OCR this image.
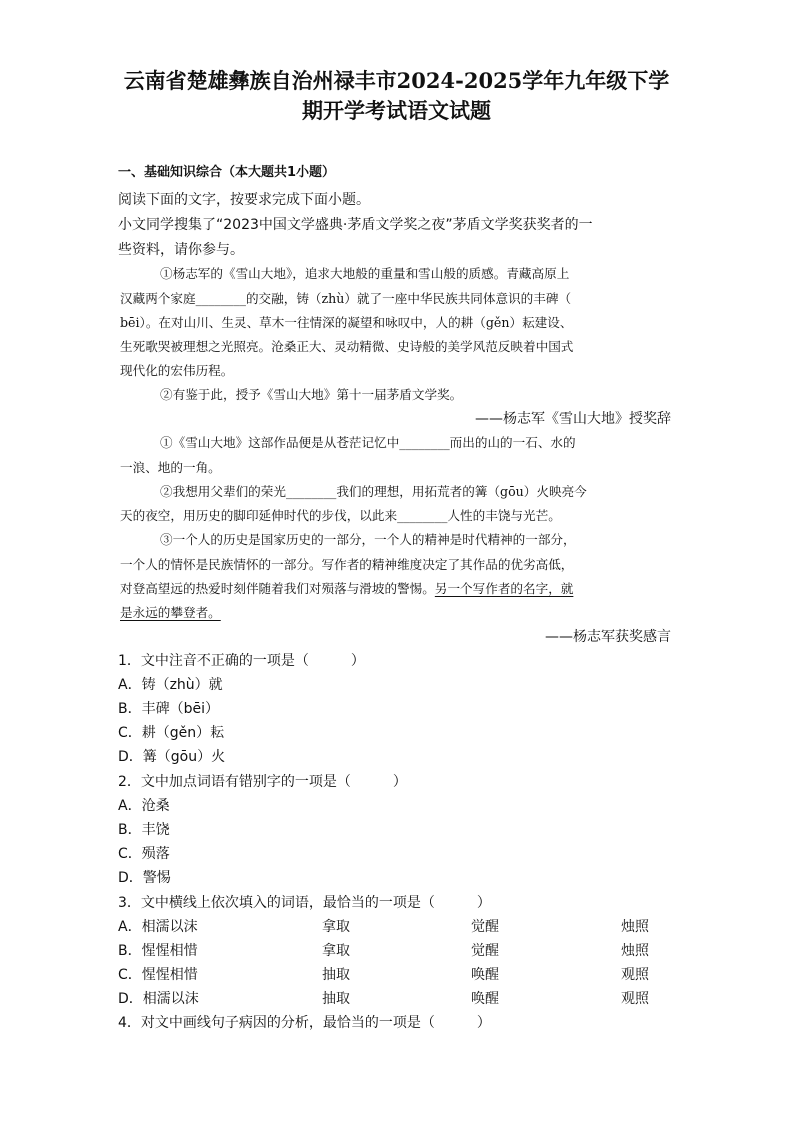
云南省楚雄彝族自治州禄丰市2024-2025学年九年级下学
期开学考试语文试题
一、基础知识综合（本大题共1小题）
阅读下面的文字，按要求完成下面小题。
小文同学搜集了“2023中国文学盛典·茅盾文学奖之夜”茅盾文学奖获奖者的一
些资料，请你参与。
①杨志军的《雪山大地》，追求大地般的重量和雪山般的质感。青藏高原上
汉藏两个家庭________的交融，铸（zhù）就了一座中华民族共同体意识的丰碑（
bēi）。在对山川、生灵、草木一往情深的凝望和咏叹中，人的耕（gěn）耘建设、
生死歌哭被理想之光照亮。沧桑正大、灵动精微、史诗般的美学风范反映着中国式
现代化的宏伟历程。
②有鉴于此，授予《雪山大地》第十一届茅盾文学奖。
——杨志军《雪山大地》授奖辞
①《雪山大地》这部作品便是从苍茫记忆中________而出的山的一石、水的
一浪、地的一角。
②我想用父辈们的荣光________我们的理想，用拓荒者的篝（gōu）火映亮今
天的夜空，用历史的脚印延伸时代的步伐，以此来________人性的丰饶与光芒。
③一个人的历史是国家历史的一部分，一个人的精神是时代精神的一部分，
一个人的情怀是民族情怀的一部分。写作者的精神维度决定了其作品的优劣高低，
对登高望远的热爱时刻伴随着我们对殒落与滑坡的警惕。另一个写作者的名字，就
是永远的攀登者。
——杨志军获奖感言
1．文中注音不正确的一项是（　　　）
A．铸（zhù）就
B．丰碑（bēi）
C．耕（gěn）耘
D．篝（gōu）火
2．文中加点词语有错别字的一项是（　　　）
A．沧桑
B．丰饶
C．殒落
D．警惕
3．文中横线上依次填入的词语，最恰当的一项是（　　　）
A．相濡以沫	拿取	觉醒	烛照
B．惺惺相惜	拿取	觉醒	烛照
C．惺惺相惜	抽取	唤醒	观照
D．相濡以沫	抽取	唤醒	观照
4．对文中画线句子病因的分析，最恰当的一项是（　　　）
